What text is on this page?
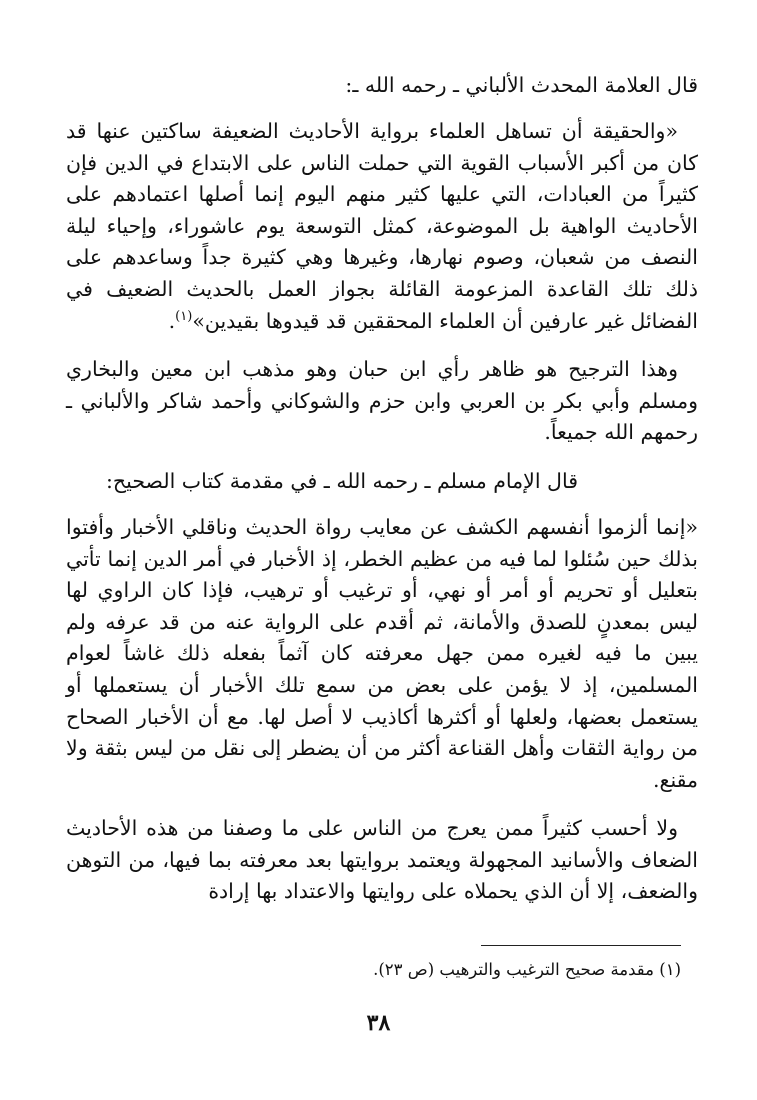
قال العلامة المحدث الألباني ـ رحمه الله ـ:

«والحقيقة أن تساهل العلماء برواية الأحاديث الضعيفة ساكتين عنها قد كان من أكبر الأسباب القوية التي حملت الناس على الابتداع في الدين فإن كثيراً من العبادات، التي عليها كثير منهم اليوم إنما أصلها اعتمادهم على الأحاديث الواهية بل الموضوعة، كمثل التوسعة يوم عاشوراء، وإحياء ليلة النصف من شعبان، وصوم نهارها، وغيرها وهي كثيرة جداً وساعدهم على ذلك تلك القاعدة المزعومة القائلة بجواز العمل بالحديث الضعيف في الفضائل غير عارفين أن العلماء المحققين قد قيدوها بقيدين»$^{(١)}$.

وهذا الترجيح هو ظاهر رأي ابن حبان وهو مذهب ابن معين والبخاري ومسلم وأبي بكر بن العربي وابن حزم والشوكاني وأحمد شاكر والألباني ـ رحمهم الله جميعاً.

قال الإمام مسلم ـ رحمه الله ـ في مقدمة كتاب الصحيح:

«إنما ألزموا أنفسهم الكشف عن معايب رواة الحديث وناقلي الأخبار وأفتوا بذلك حين سُئلوا لما فيه من عظيم الخطر، إذ الأخبار في أمر الدين إنما تأتي بتعليل أو تحريم أو أمر أو نهي، أو ترغيب أو ترهيب، فإذا كان الراوي لها ليس بمعدنٍ للصدق والأمانة، ثم أقدم على الرواية عنه من قد عرفه ولم يبين ما فيه لغيره ممن جهل معرفته كان آثماً بفعله ذلك غاشاً لعوام المسلمين، إذ لا يؤمن على بعض من سمع تلك الأخبار أن يستعملها أو يستعمل بعضها، ولعلها أو أكثرها أكاذيب لا أصل لها. مع أن الأخبار الصحاح من رواية الثقات وأهل القناعة أكثر من أن يضطر إلى نقل من ليس بثقة ولا مقنع.

ولا أحسب كثيراً ممن يعرج من الناس على ما وصفنا من هذه الأحاديث الضعاف والأسانيد المجهولة ويعتمد بروايتها بعد معرفته بما فيها، من التوهن والضعف، إلا أن الذي يحملاه على روايتها والاعتداد بها إرادة

(١) مقدمة صحيح الترغيب والترهيب (ص ٢٣).
٣٨
